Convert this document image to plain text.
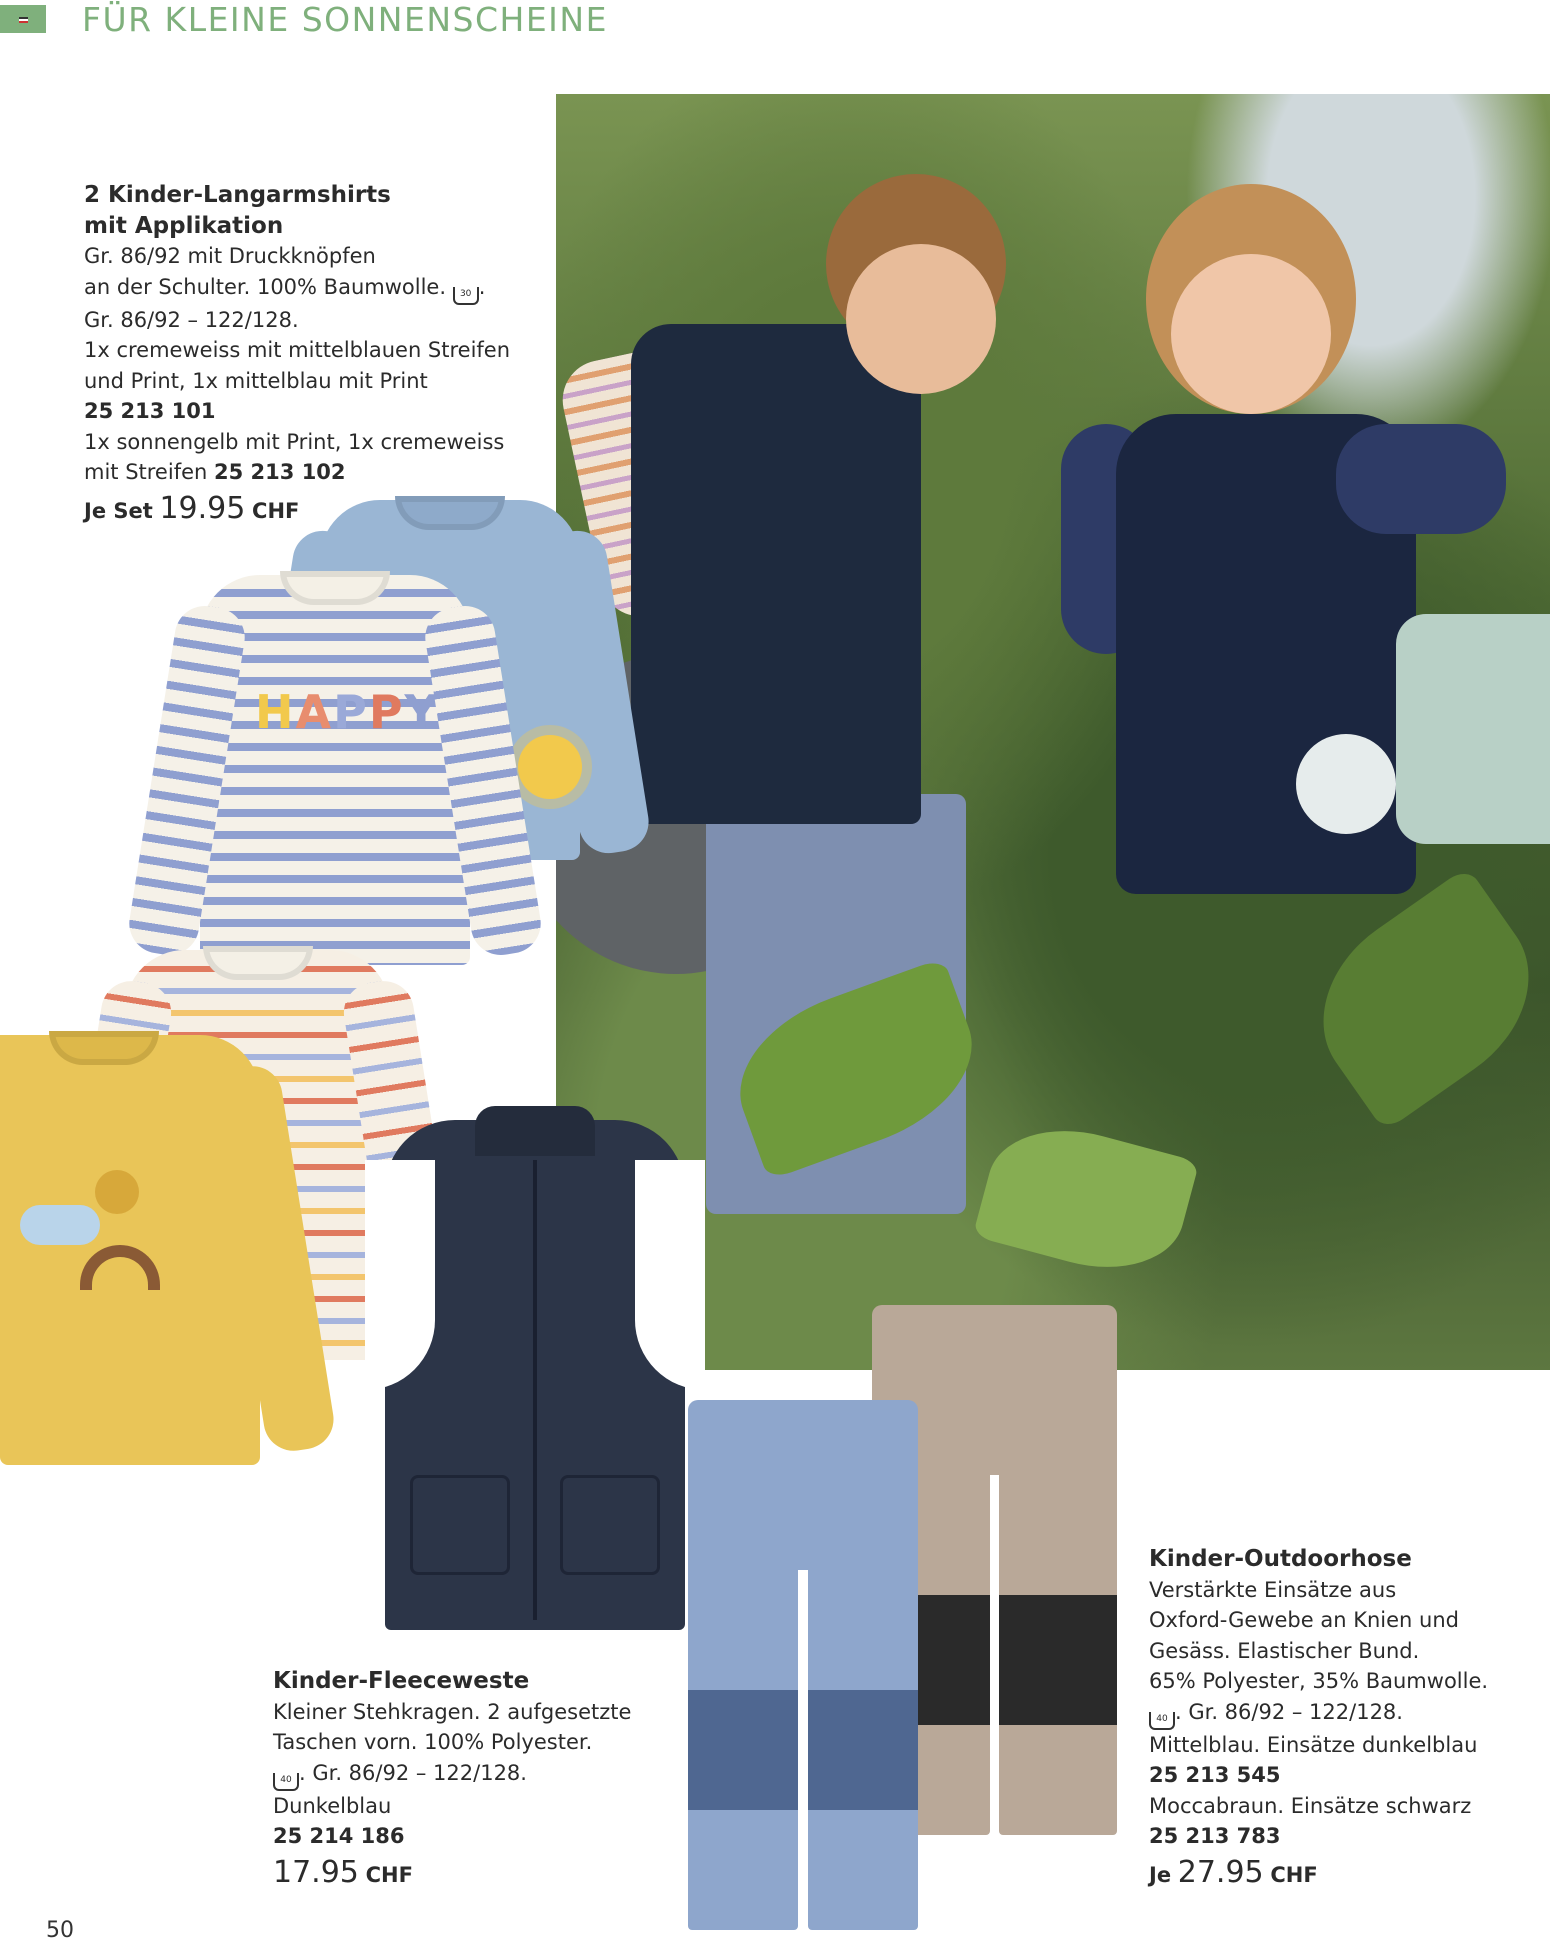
FÜR KLEINE SONNENSCHEINE
HAPPY
2 Kinder-Langarmshirts
mit Applikation
Gr. 86/92 mit Druckknöpfen
an der Schulter. 100% Baumwolle. 30 .
Gr. 86/92 – 122/128.
1x cremeweiss mit mittelblauen Streifen
und Print, 1x mittelblau mit Print
25 213 101
1x sonnengelb mit Print, 1x cremeweiss
mit Streifen 25 213 102
Je Set 19.95 CHF
Kinder-Fleeceweste
Kleiner Stehkragen. 2 aufgesetzte
Taschen vorn. 100% Polyester.
40 . Gr. 86/92 – 122/128.
Dunkelblau
25 214 186
17.95 CHF
Kinder-Outdoorhose
Verstärkte Einsätze aus
Oxford-Gewebe an Knien und
Gesäss. Elastischer Bund.
65% Polyester, 35% Baumwolle.
40 . Gr. 86/92 – 122/128.
Mittelblau. Einsätze dunkelblau
25 213 545
Moccabraun. Einsätze schwarz
25 213 783
Je 27.95 CHF
50
